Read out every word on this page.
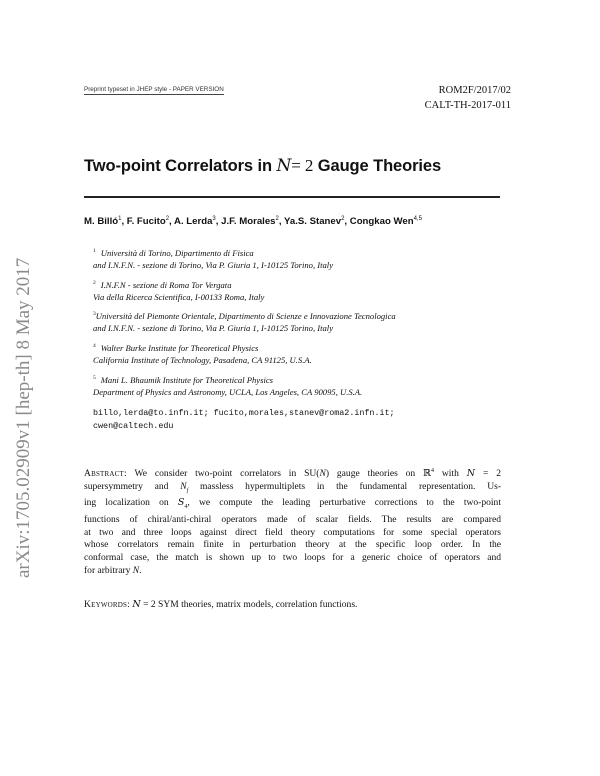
arXiv:1705.02909v1 [hep-th] 8 May 2017
Preprint typeset in JHEP style - PAPER VERSION	ROM2F/2017/02
CALT-TH-2017-011
Two-point Correlators in N= 2 Gauge Theories
M. Billó$^1$, F. Fucito$^2$, A. Lerda$^3$, J.F. Morales$^2$, Ya.S. Stanev$^2$, Congkao Wen$^{4,5}$
$^1$ Università di Torino, Dipartimento di Fisica
and I.N.F.N. - sezione di Torino, Via P. Giuria 1, I-10125 Torino, Italy
$^2$ I.N.F.N - sezione di Roma Tor Vergata
Via della Ricerca Scientifica, I-00133 Roma, Italy
$^3$Università del Piemonte Orientale, Dipartimento di Scienze e Innovazione Tecnologica
and I.N.F.N. - sezione di Torino, Via P. Giuria 1, I-10125 Torino, Italy
$^4$ Walter Burke Institute for Theoretical Physics
California Institute of Technology, Pasadena, CA 91125, U.S.A.
$^5$ Mani L. Bhaumik Institute for Theoretical Physics
Department of Physics and Astronomy, UCLA, Los Angeles, CA 90095, U.S.A.
billo,lerda@to.infn.it; fucito,morales,stanev@roma2.infn.it;
cwen@caltech.edu
Abstract: We consider two-point correlators in SU(N) gauge theories on ℝ$^4$ with N = 2
supersymmetry and $N_f$ massless hypermultiplets in the fundamental representation. Us-
ing localization on $S_4$, we compute the leading perturbative corrections to the two-point
functions of chiral/anti-chiral operators made of scalar fields. The results are compared
at two and three loops against direct field theory computations for some special operators
whose correlators remain finite in perturbation theory at the specific loop order. In the
conformal case, the match is shown up to two loops for a generic choice of operators and
for arbitrary N.
Keywords: N = 2 SYM theories, matrix models, correlation functions.
